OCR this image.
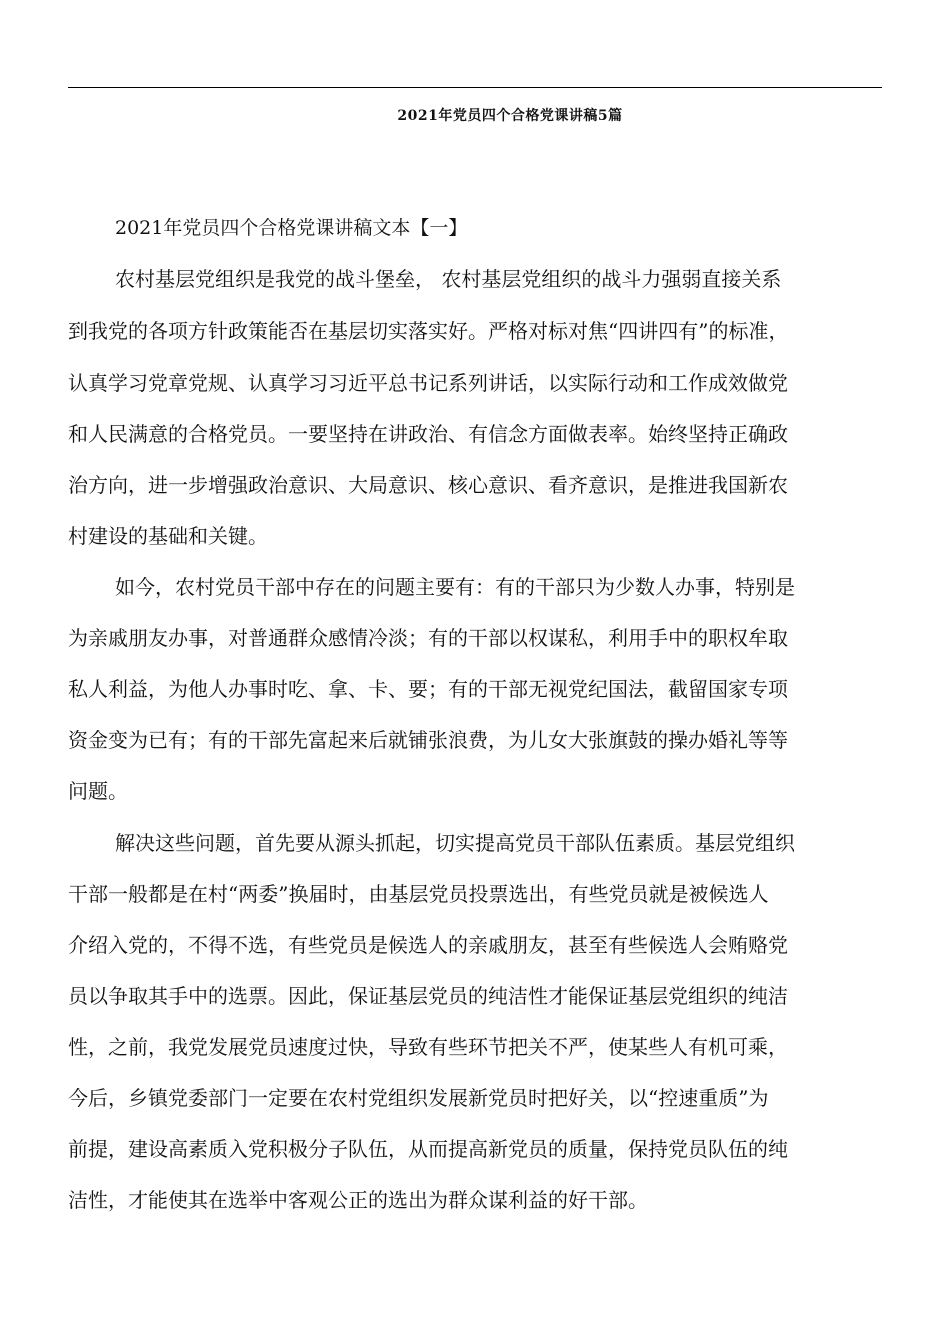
2021年党员四个合格党课讲稿5篇
2021年党员四个合格党课讲稿文本【一】
农村基层党组织是我党的战斗堡垒， 农村基层党组织的战斗力强弱直接关系
到我党的各项方针政策能否在基层切实落实好。严格对标对焦“四讲四有”的标准，
认真学习党章党规、认真学习习近平总书记系列讲话，以实际行动和工作成效做党
和人民满意的合格党员。一要坚持在讲政治、有信念方面做表率。始终坚持正确政
治方向，进一步增强政治意识、大局意识、核心意识、看齐意识，是推进我国新农
村建设的基础和关键。
如今，农村党员干部中存在的问题主要有：有的干部只为少数人办事，特别是
为亲戚朋友办事，对普通群众感情冷淡；有的干部以权谋私，利用手中的职权牟取
私人利益，为他人办事时吃、拿、卡、要；有的干部无视党纪国法，截留国家专项
资金变为已有；有的干部先富起来后就铺张浪费，为儿女大张旗鼓的操办婚礼等等
问题。
解决这些问题，首先要从源头抓起，切实提高党员干部队伍素质。基层党组织
干部一般都是在村“两委”换届时，由基层党员投票选出，有些党员就是被候选人
介绍入党的，不得不选，有些党员是候选人的亲戚朋友，甚至有些候选人会贿赂党
员以争取其手中的选票。因此，保证基层党员的纯洁性才能保证基层党组织的纯洁
性，之前，我党发展党员速度过快，导致有些环节把关不严，使某些人有机可乘，
今后，乡镇党委部门一定要在农村党组织发展新党员时把好关，以“控速重质”为
前提，建设高素质入党积极分子队伍，从而提高新党员的质量，保持党员队伍的纯
洁性，才能使其在选举中客观公正的选出为群众谋利益的好干部。
